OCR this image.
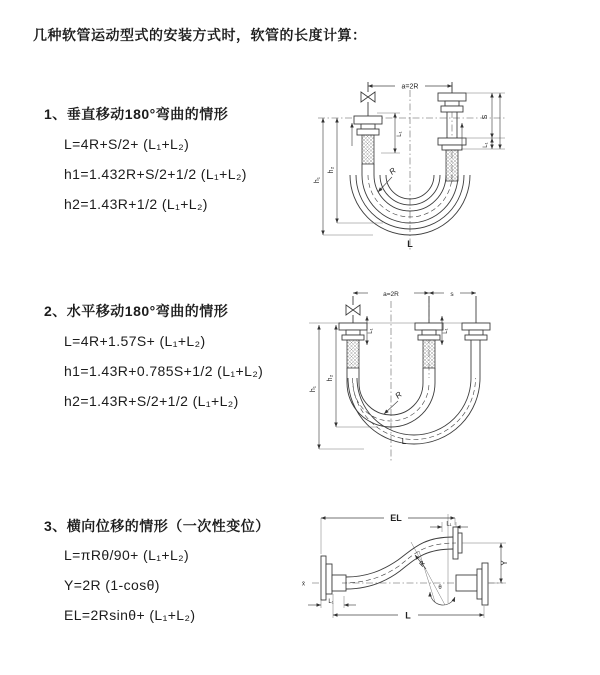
几种软管运动型式的安装方式时，软管的长度计算：
1、垂直移动180°弯曲的情形
L=4R+S/2+ (L₁+L₂)
h1=1.432R+S/2+1/2 (L₁+L₂)
h2=1.43R+1/2 (L₁+L₂)
2、水平移动180°弯曲的情形
L=4R+1.57S+ (L₁+L₂)
h1=1.43R+0.785S+1/2 (L₁+L₂)
h2=1.43R+S/2+1/2 (L₁+L₂)
3、横向位移的情形（一次性变位）
L=πRθ/90+ (L₁+L₂)
Y=2R (1-cosθ)
EL=2Rsinθ+ (L₁+L₂)
a=2R
S
L₁
L₁
h₂
h₁
R
L
a=2R	s
L₁	L₁
h₂
h₁
R
L
x̄
EL
L₁
Y
R
θ
L₁
L
